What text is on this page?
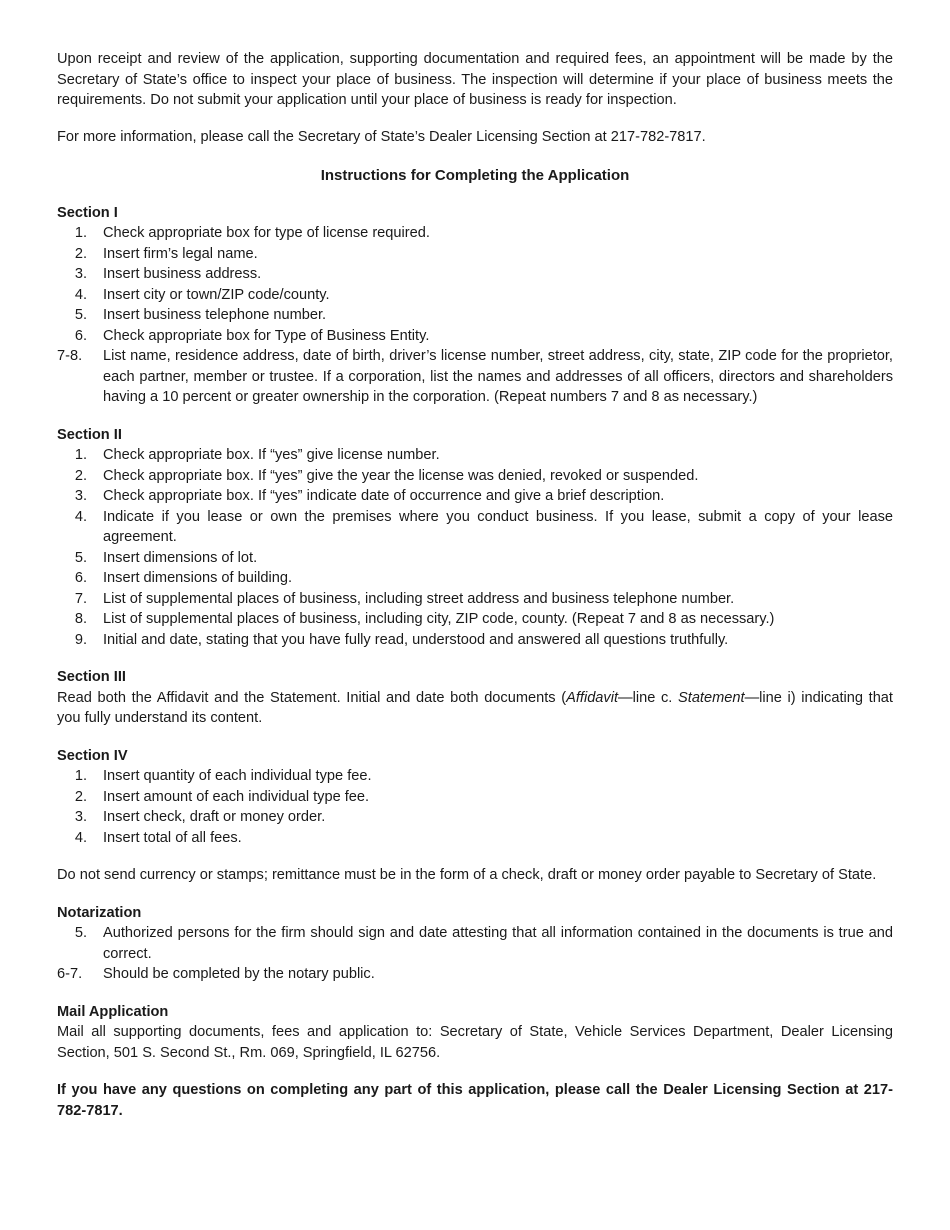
Upon receipt and review of the application, supporting documentation and required fees, an appointment will be made by the Secretary of State’s office to inspect your place of business. The inspection will determine if your place of business meets the requirements. Do not submit your application until your place of business is ready for inspection.

For more information, please call the Secretary of State’s Dealer Licensing Section at 217-782-7817.

Instructions for Completing the Application
Section I
1. Check appropriate box for type of license required.
2. Insert firm’s legal name.
3. Insert business address.
4. Insert city or town/ZIP code/county.
5. Insert business telephone number.
6. Check appropriate box for Type of Business Entity.
7-8.	List name, residence address, date of birth, driver’s license number, street address, city, state, ZIP code for the proprietor, each partner, member or trustee. If a corporation, list the names and addresses of all officers, directors and shareholders having a 10 percent or greater ownership in the corporation. (Repeat numbers 7 and 8 as necessary.)
Section II
1. Check appropriate box. If “yes” give license number.
2. Check appropriate box. If “yes” give the year the license was denied, revoked or suspended.
3. Check appropriate box. If “yes” indicate date of occurrence and give a brief description.
4. Indicate if you lease or own the premises where you conduct business. If you lease, submit a copy of your lease agreement.
5. Insert dimensions of lot.
6. Insert dimensions of building.
7. List of supplemental places of business, including street address and business telephone number.
8. List of supplemental places of business, including city, ZIP code, county. (Repeat 7 and 8 as necessary.)
9. Initial and date, stating that you have fully read, understood and answered all questions truthfully.
Section III

Read both the Affidavit and the Statement. Initial and date both documents (Affidavit—line c. Statement—line i) indicating that you fully understand its content.

Section IV
1. Insert quantity of each individual type fee.
2. Insert amount of each individual type fee.
3. Insert check, draft or money order.
4. Insert total of all fees.

Do not send currency or stamps; remittance must be in the form of a check, draft or money order payable to Secretary of State.

Notarization
5. Authorized persons for the firm should sign and date attesting that all information contained in the documents is true and correct.
6-7.	Should be completed by the notary public.
Mail Application

Mail all supporting documents, fees and application to: Secretary of State, Vehicle Services Department, Dealer Licensing Section, 501 S. Second St., Rm. 069, Springfield, IL 62756.

If you have any questions on completing any part of this application, please call the Dealer Licensing Section at 217-782-7817.
